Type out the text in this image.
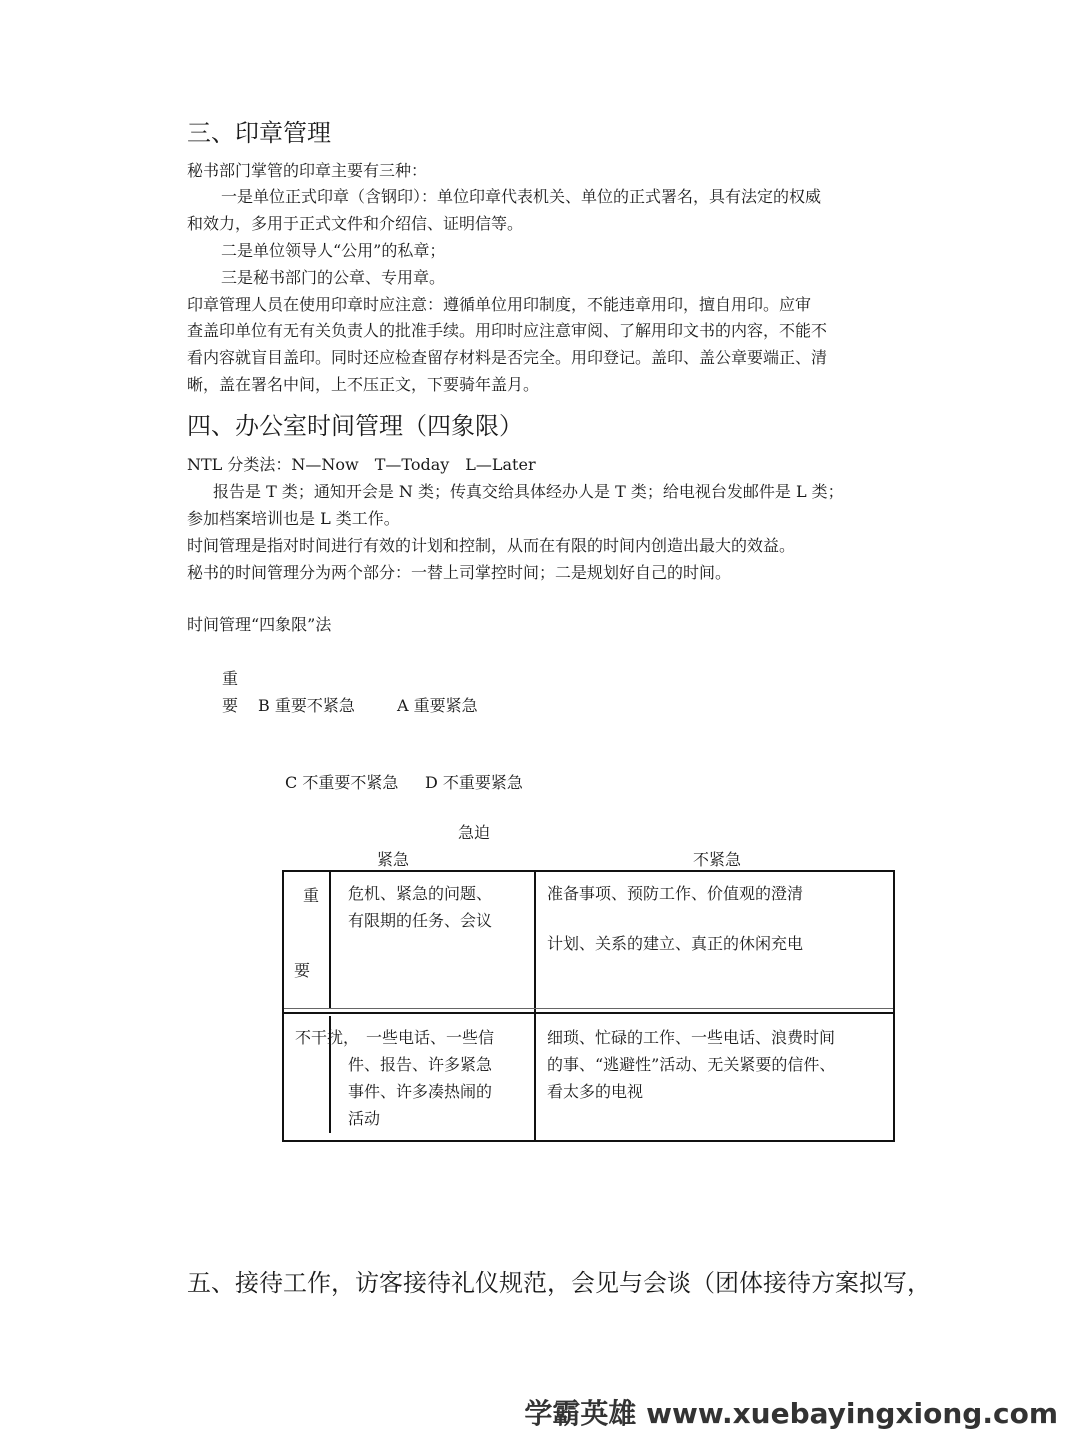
三、印章管理
秘书部门掌管的印章主要有三种：
一是单位正式印章（含钢印）：单位印章代表机关、单位的正式署名，具有法定的权威
和效力，多用于正式文件和介绍信、证明信等。
二是单位领导人“公用”的私章；
三是秘书部门的公章、专用章。
印章管理人员在使用印章时应注意：遵循单位用印制度，不能违章用印，擅自用印。应审
查盖印单位有无有关负责人的批准手续。用印时应注意审阅、了解用印文书的内容，不能不
看内容就盲目盖印。同时还应检查留存材料是否完全。用印登记。盖印、盖公章要端正、清
晰，盖在署名中间，上不压正文，下要骑年盖月。
四、办公室时间管理（四象限）
NTL 分类法：N—Now　T—Today　L—Later
报告是 T 类；通知开会是 N 类；传真交给具体经办人是 T 类；给电视台发邮件是 L 类；
参加档案培训也是 L 类工作。
时间管理是指对时间进行有效的计划和控制，从而在有限的时间内创造出最大的效益。
秘书的时间管理分为两个部分：一替上司掌控时间；二是规划好自己的时间。
时间管理“四象限”法
重
要 B 重要不紧急	A 重要紧急
C 不重要不紧急 D 不重要紧急
急迫
紧急	不紧急
重
要
危机、紧急的问题、
有限期的任务、会议
准备事项、预防工作、价值观的澄清
计划、关系的建立、真正的休闲充电
不干扰， 一些电话、一些信
件、报告、许多紧急
事件、许多凑热闹的
活动
细琐、忙碌的工作、一些电话、浪费时间
的事、“逃避性”活动、无关紧要的信件、
看太多的电视
五、接待工作，访客接待礼仪规范，会见与会谈（团体接待方案拟写，
学霸英雄 www.xuebayingxiong.com
